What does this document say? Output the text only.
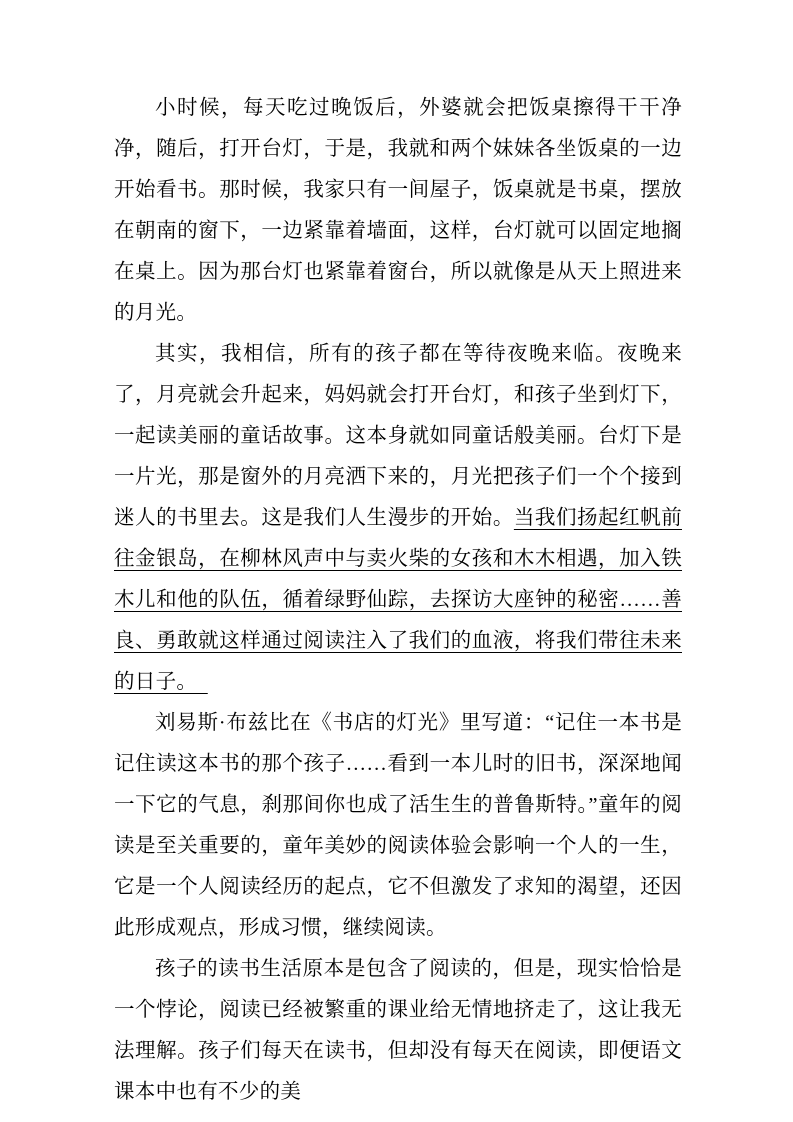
小时候，每天吃过晚饭后，外婆就会把饭桌擦得干干净净，随后，打开台灯，于是，我就和两个妹妹各坐饭桌的一边开始看书。那时候，我家只有一间屋子，饭桌就是书桌，摆放在朝南的窗下，一边紧靠着墙面，这样，台灯就可以固定地搁在桌上。因为那台灯也紧靠着窗台，所以就像是从天上照进来的月光。

其实，我相信，所有的孩子都在等待夜晚来临。夜晚来了，月亮就会升起来，妈妈就会打开台灯，和孩子坐到灯下，一起读美丽的童话故事。这本身就如同童话般美丽。台灯下是一片光，那是窗外的月亮洒下来的，月光把孩子们一个个接到迷人的书里去。这是我们人生漫步的开始。当我们扬起红帆前往金银岛，在柳林风声中与卖火柴的女孩和木木相遇，加入铁木儿和他的队伍，循着绿野仙踪，去探访大座钟的秘密……善良、勇敢就这样通过阅读注入了我们的血液，将我们带往未来的日子。　

刘易斯·布兹比在《书店的灯光》里写道：“记住一本书是记住读这本书的那个孩子……看到一本儿时的旧书，深深地闻一下它的气息，刹那间你也成了活生生的普鲁斯特。”童年的阅读是至关重要的，童年美妙的阅读体验会影响一个人的一生，它是一个人阅读经历的起点，它不但激发了求知的渴望，还因此形成观点，形成习惯，继续阅读。

孩子的读书生活原本是包含了阅读的，但是，现实恰恰是一个悖论，阅读已经被繁重的课业给无情地挤走了，这让我无法理解。孩子们每天在读书，但却没有每天在阅读，即便语文课本中也有不少的美
